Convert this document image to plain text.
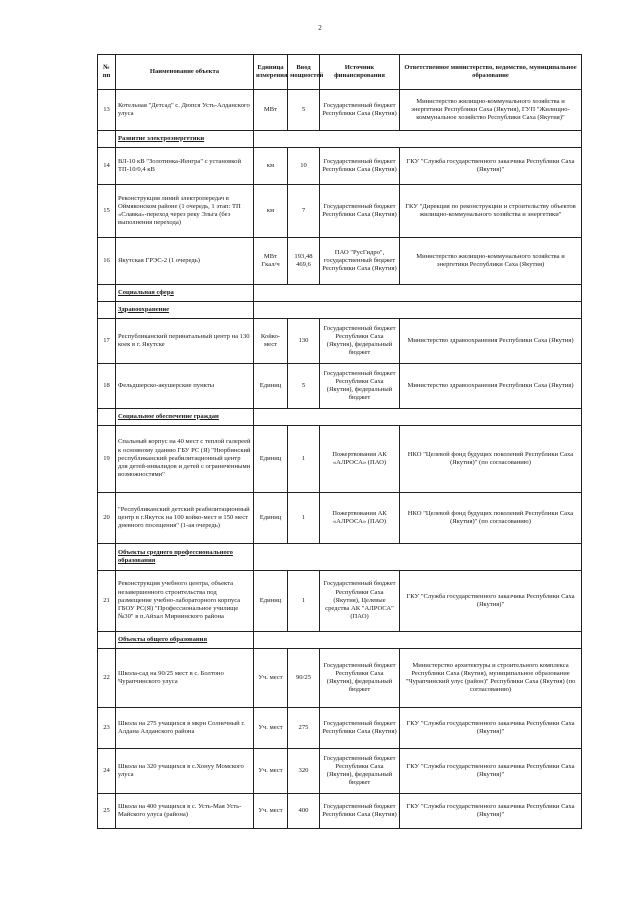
2
№ пп	Наименование объекта	Единица измерения	Ввод мощностей	Источник финансирования	Ответственное министерство, ведомство, муниципальное образование
13	Котельная "Детсад" с. Дюпся Усть-Алданского улуса	МВт	5	Государственный бюджет Республики Саха (Якутия)	Министерство жилищно-коммунального хозяйства и энергетики Республики Саха (Якутия), ГУП "Жилищно-коммунальное хозяйство Республики Саха (Якутия)"
	Развитие электроэнергетики				
14	ВЛ-10 кВ "Золотинка-Иенгра" с установкой ТП-10/0,4 кВ	км	10	Государственный бюджет Республики Саха (Якутия)	ГКУ "Служба государственного заказчика Республики Саха (Якутия)"
15	Реконструкция линий электропередач в Оймяконском районе (1 очередь, 1 этап: ТП «Славка»-переход через реку Эльга (без выполнения перехода)	км	7	Государственный бюджет Республики Саха (Якутия)	ГКУ "Дирекция по реконструкции и строительству объектов жилищно-коммунального хозяйства и энергетики"
16	Якутская ГРЭС-2 (1 очередь)	МВт Гкал/ч	193,48 469,6	ПАО "РусГидро", государственный бюджет Республики Саха (Якутия)	Министерство жилищно-коммунального хозяйства и энергетики Республики Саха (Якутия)
	Социальная сфера				
	Здравоохранение				
17	Республиканский перинатальный центр на 130 коек в г. Якутске	Койко-мест	130	Государственный бюджет Республики Саха (Якутия), федеральный бюджет	Министерство здравоохранения Республики Саха (Якутия)
18	Фельдшерско-акушерские пункты	Единиц	5	Государственный бюджет Республики Саха (Якутия), федеральный бюджет	Министерство здравоохранения Республики Саха (Якутия)
	Социальное обеспечение граждан				
19	Спальный корпус на 40 мест с теплой галереей к основному зданию ГБУ РС (Я) "Нюрбинский республиканский реабилитационный центр для детей-инвалидов и детей с ограниченными возможностями"	Единиц	1	Пожертвования АК «АЛРОСА» (ПАО)	НКО "Целевой фонд будущих поколений Республики Саха (Якутия)" (по согласованию)
20	"Республиканский детский реабилитационный центр в г.Якутск на 100 койко-мест и 150 мест дневного посещения" (1-ая очередь)	Единиц	1	Пожертвования АК «АЛРОСА» (ПАО)	НКО "Целевой фонд будущих поколений Республики Саха (Якутия)" (по согласованию)
	Объекты среднего профессионального образования				
21	Реконструкция учебного центра, объекта незавершенного строительства под размещение учебно-лабораторного корпуса ГБОУ РС(Я) "Профессиональное училище №30" в п.Айхал Мирнинского района	Единиц	1	Государственный бюджет Республики Саха (Якутия), Целевые средства АК "АЛРОСА" (ПАО)	ГКУ "Служба государственного заказчика Республики Саха (Якутия)"
	Объекты общего образования				
22	Школа-сад на 90/25 мест в с. Болтоно Чурапчинского улуса	Уч. мест	90/25	Государственный бюджет Республики Саха (Якутия), федеральный бюджет	Министерство архитектуры и строительного комплекса Республики Саха (Якутия), муниципальное образование "Чурапчинский улус (район)" Республики Саха (Якутия) (по согласованию)
23	Школа на 275 учащихся в мкрн Солнечный г. Алдана Алданского района	Уч. мест	275	Государственный бюджет Республики Саха (Якутия)	ГКУ "Служба государственного заказчика Республики Саха (Якутия)"
24	Школа на 320 учащихся в с.Хонуу Момского улуса	Уч. мест	320	Государственный бюджет Республики Саха (Якутия), федеральный бюджет	ГКУ "Служба государственного заказчика Республики Саха (Якутия)"
25	Школа на 400 учащихся в с. Усть-Мая Усть-Майского улуса (района)	Уч. мест	400	Государственный бюджет Республики Саха (Якутия)	ГКУ "Служба государственного заказчика Республики Саха (Якутия)"
